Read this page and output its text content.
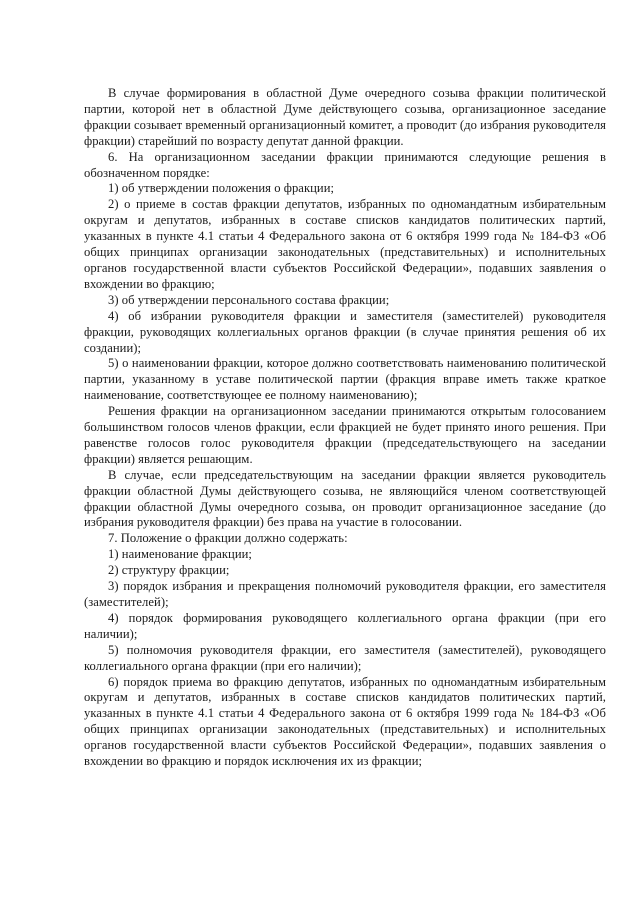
В случае формирования в областной Думе очередного созыва фракции политической партии, которой нет в областной Думе действующего созыва, организационное заседание фракции созывает временный организационный комитет, а проводит (до избрания руководителя фракции) старейший по возрасту депутат данной фракции.

6. На организационном заседании фракции принимаются следующие решения в обозначенном порядке:

1) об утверждении положения о фракции;

2) о приеме в состав фракции депутатов, избранных по одномандатным избирательным округам и депутатов, избранных в составе списков кандидатов политических партий, указанных в пункте 4.1 статьи 4 Федерального закона от 6 октября 1999 года № 184-ФЗ «Об общих принципах организации законодательных (представительных) и исполнительных органов государственной власти субъектов Российской Федерации», подавших заявления о вхождении во фракцию;

3) об утверждении персонального состава фракции;

4) об избрании руководителя фракции и заместителя (заместителей) руководителя фракции, руководящих коллегиальных органов фракции (в случае принятия решения об их создании);

5) о наименовании фракции, которое должно соответствовать наименованию политической партии, указанному в уставе политической партии (фракция вправе иметь также краткое наименование, соответствующее ее полному наименованию);

Решения фракции на организационном заседании принимаются открытым голосованием большинством голосов членов фракции, если фракцией не будет принято иного решения. При равенстве голосов голос руководителя фракции (председательствующего на заседании фракции) является решающим.

В случае, если председательствующим на заседании фракции является руководитель фракции областной Думы действующего созыва, не являющийся членом соответствующей фракции областной Думы очередного созыва, он проводит организационное заседание (до избрания руководителя фракции) без права на участие в голосовании.

7. Положение о фракции должно содержать:

1) наименование фракции;

2) структуру фракции;

3) порядок избрания и прекращения полномочий руководителя фракции, его заместителя (заместителей);

4) порядок формирования руководящего коллегиального органа фракции (при его наличии);

5) полномочия руководителя фракции, его заместителя (заместителей), руководящего коллегиального органа фракции (при его наличии);

6) порядок приема во фракцию депутатов, избранных по одномандатным избирательным округам и депутатов, избранных в составе списков кандидатов политических партий, указанных в пункте 4.1 статьи 4 Федерального закона от 6 октября 1999 года № 184-ФЗ «Об общих принципах организации законодательных (представительных) и исполнительных органов государственной власти субъектов Российской Федерации», подавших заявления о вхождении во фракцию и порядок исключения их из фракции;
